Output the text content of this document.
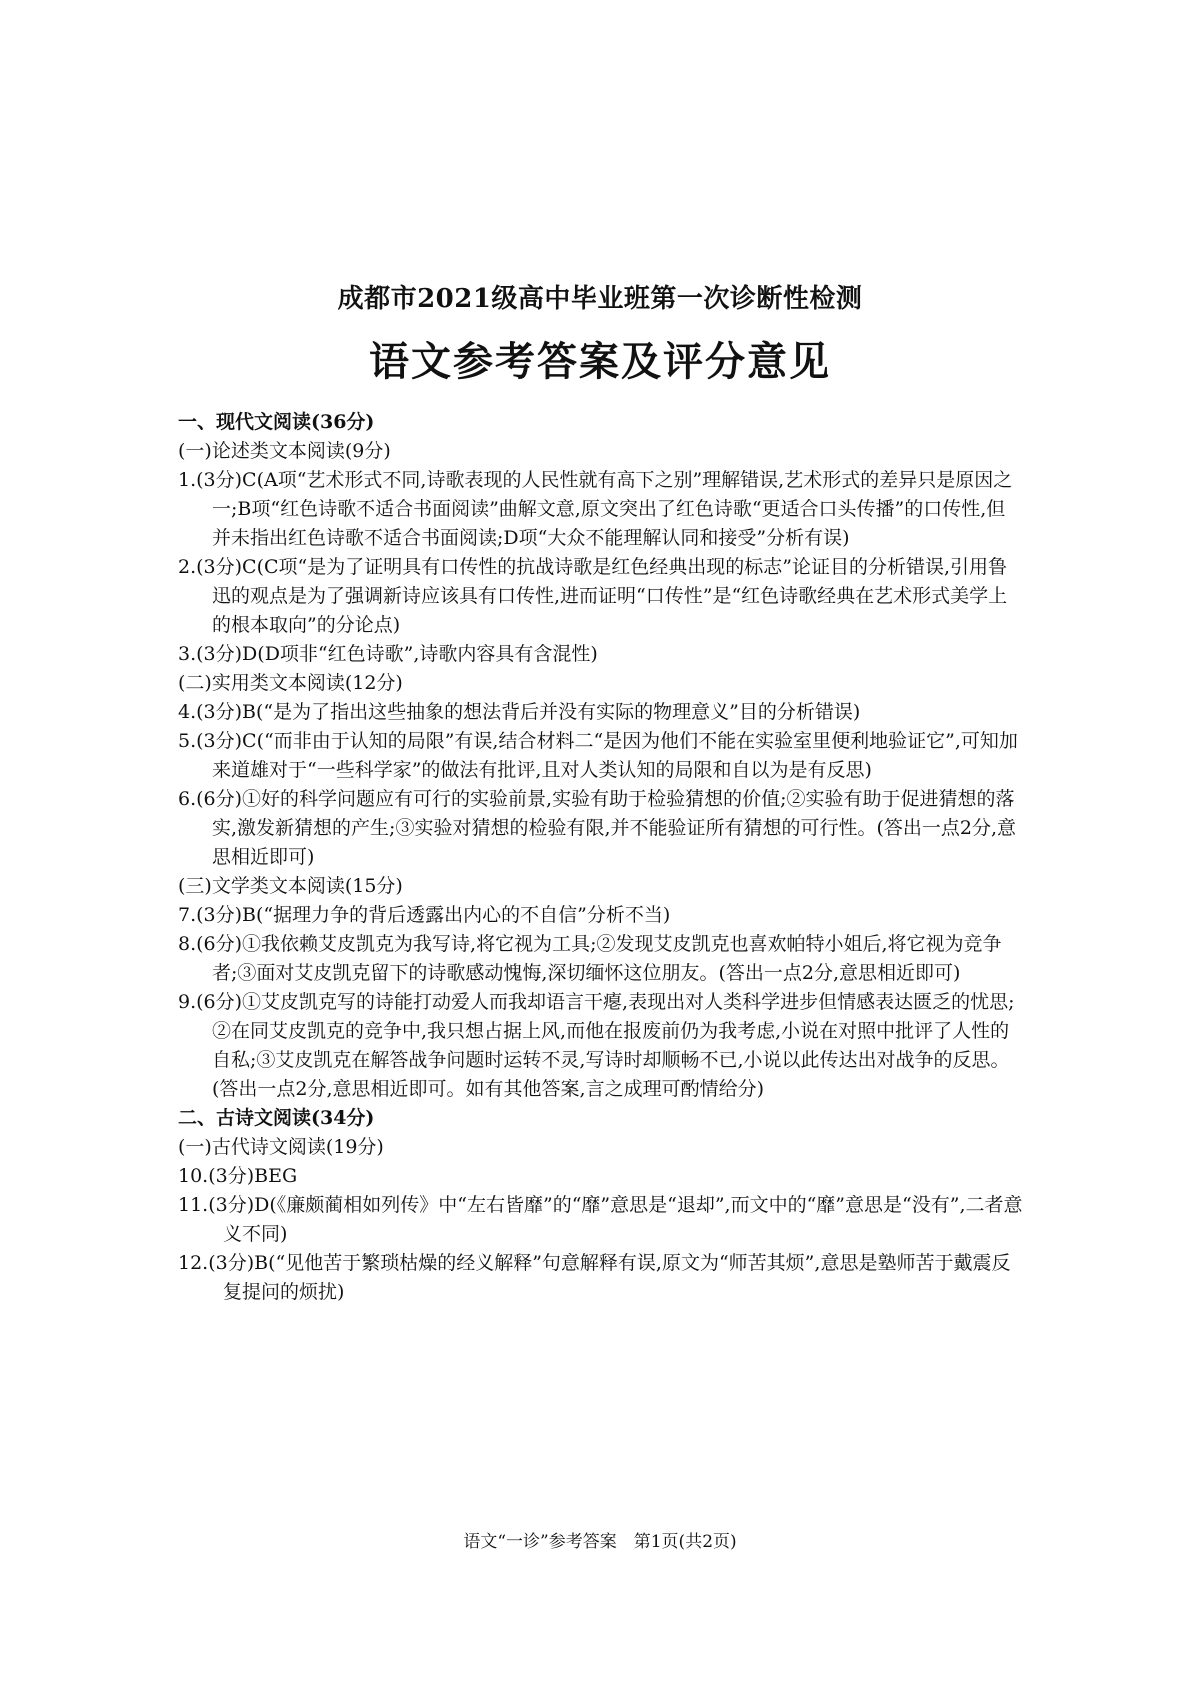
成都市2021级高中毕业班第一次诊断性检测
语文参考答案及评分意见
一、现代文阅读(36分)
(一)论述类文本阅读(9分)
1.(3分)C(A项“艺术形式不同,诗歌表现的人民性就有高下之别”理解错误,艺术形式的差异只是原因之一;B项“红色诗歌不适合书面阅读”曲解文意,原文突出了红色诗歌“更适合口头传播”的口传性,但并未指出红色诗歌不适合书面阅读;D项“大众不能理解认同和接受”分析有误)
2.(3分)C(C项“是为了证明具有口传性的抗战诗歌是红色经典出现的标志”论证目的分析错误,引用鲁迅的观点是为了强调新诗应该具有口传性,进而证明“口传性”是“红色诗歌经典在艺术形式美学上的根本取向”的分论点)
3.(3分)D(D项非“红色诗歌”,诗歌内容具有含混性)
(二)实用类文本阅读(12分)
4.(3分)B(“是为了指出这些抽象的想法背后并没有实际的物理意义”目的分析错误)
5.(3分)C(“而非由于认知的局限”有误,结合材料二“是因为他们不能在实验室里便利地验证它”,可知加来道雄对于“一些科学家”的做法有批评,且对人类认知的局限和自以为是有反思)
6.(6分)①好的科学问题应有可行的实验前景,实验有助于检验猜想的价值;②实验有助于促进猜想的落实,激发新猜想的产生;③实验对猜想的检验有限,并不能验证所有猜想的可行性。(答出一点2分,意思相近即可)
(三)文学类文本阅读(15分)
7.(3分)B(“据理力争的背后透露出内心的不自信”分析不当)
8.(6分)①我依赖艾皮凯克为我写诗,将它视为工具;②发现艾皮凯克也喜欢帕特小姐后,将它视为竞争者;③面对艾皮凯克留下的诗歌感动愧悔,深切缅怀这位朋友。(答出一点2分,意思相近即可)
9.(6分)①艾皮凯克写的诗能打动爱人而我却语言干瘪,表现出对人类科学进步但情感表达匮乏的忧思;②在同艾皮凯克的竞争中,我只想占据上风,而他在报废前仍为我考虑,小说在对照中批评了人性的自私;③艾皮凯克在解答战争问题时运转不灵,写诗时却顺畅不已,小说以此传达出对战争的反思。(答出一点2分,意思相近即可。如有其他答案,言之成理可酌情给分)
二、古诗文阅读(34分)
(一)古代诗文阅读(19分)
10.(3分)BEG
11.(3分)D(《廉颇蔺相如列传》中“左右皆靡”的“靡”意思是“退却”,而文中的“靡”意思是“没有”,二者意义不同)
12.(3分)B(“见他苦于繁琐枯燥的经义解释”句意解释有误,原文为“师苦其烦”,意思是塾师苦于戴震反复提问的烦扰)
语文“一诊”参考答案　第1页(共2页)
